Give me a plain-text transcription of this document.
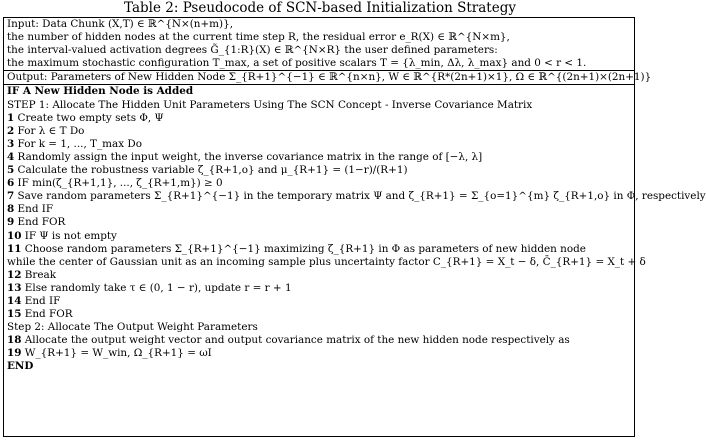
Table 2: Pseudocode of SCN-based Initialization Strategy
Input: Data Chunk (X,T) ∈ ℝ^{N×(n+m)},
the number of hidden nodes at the current time step R, the residual error e_R(X) ∈ ℝ^{N×m},
the interval-valued activation degrees G̃_{1:R}(X) ∈ ℝ^{N×R} the user defined parameters:
the maximum stochastic configuration T_max, a set of positive scalars T = {λ_min, Δλ, λ_max} and 0 < r < 1.
Output: Parameters of New Hidden Node Σ_{R+1}^{−1} ∈ ℝ^{n×n}, W ∈ ℝ^{R*(2n+1)×1}, Ω ∈ ℝ^{(2n+1)×(2n+1)}
IF A New Hidden Node is Added
STEP 1: Allocate The Hidden Unit Parameters Using The SCN Concept - Inverse Covariance Matrix
1 Create two empty sets Φ, Ψ
2 For λ ∈ T Do
3 For k = 1, ..., T_max Do
4 Randomly assign the input weight, the inverse covariance matrix in the range of [−λ, λ]
5 Calculate the robustness variable ζ_{R+1,o} and μ_{R+1} = (1−r)/(R+1)
6 IF min(ζ_{R+1,1}, ..., ζ_{R+1,m}) ≥ 0
7 Save random parameters Σ_{R+1}^{−1} in the temporary matrix Ψ and ζ_{R+1} = Σ_{o=1}^{m} ζ_{R+1,o} in Φ, respectively
8 End IF
9 End FOR
10 IF Ψ is not empty
11 Choose random parameters Σ_{R+1}^{−1} maximizing ζ_{R+1} in Φ as parameters of new hidden node
while the center of Gaussian unit as an incoming sample plus uncertainty factor C_{R+1} = X_t − δ, C̄_{R+1} = X_t + δ
12 Break
13 Else randomly take τ ∈ (0, 1 − r), update r = r + 1
14 End IF
15 End FOR
Step 2: Allocate The Output Weight Parameters
18 Allocate the output weight vector and output covariance matrix of the new hidden node respectively as
19 W_{R+1} = W_win, Ω_{R+1} = ωI
END
